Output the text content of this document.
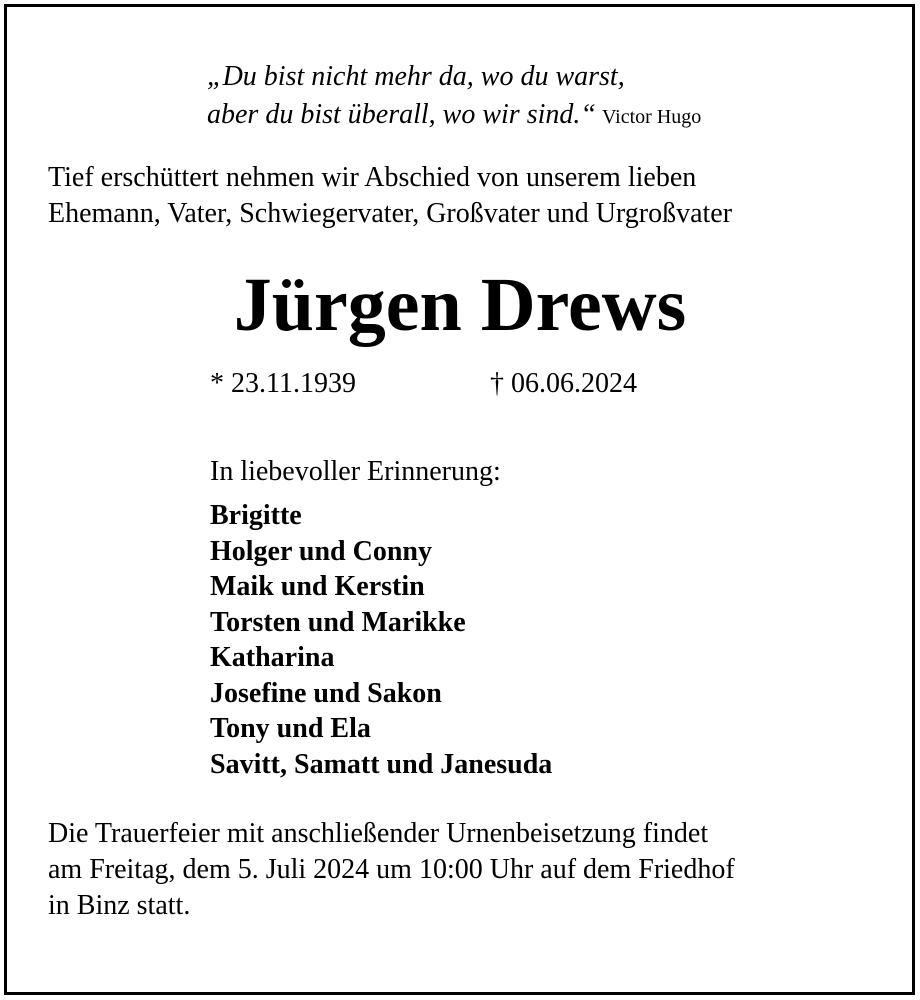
„Du bist nicht mehr da, wo du warst,
aber du bist überall, wo wir sind.“ Victor Hugo
Tief erschüttert nehmen wir Abschied von unserem lieben
Ehemann, Vater, Schwiegervater, Großvater und Urgroßvater
Jürgen Drews
* 23.11.1939	† 06.06.2024
In liebevoller Erinnerung:
Brigitte
Holger und Conny
Maik und Kerstin
Torsten und Marikke
Katharina
Josefine und Sakon
Tony und Ela
Savitt, Samatt und Janesuda
Die Trauerfeier mit anschließender Urnenbeisetzung findet
am Freitag, dem 5. Juli 2024 um 10:00 Uhr auf dem Friedhof
in Binz statt.
